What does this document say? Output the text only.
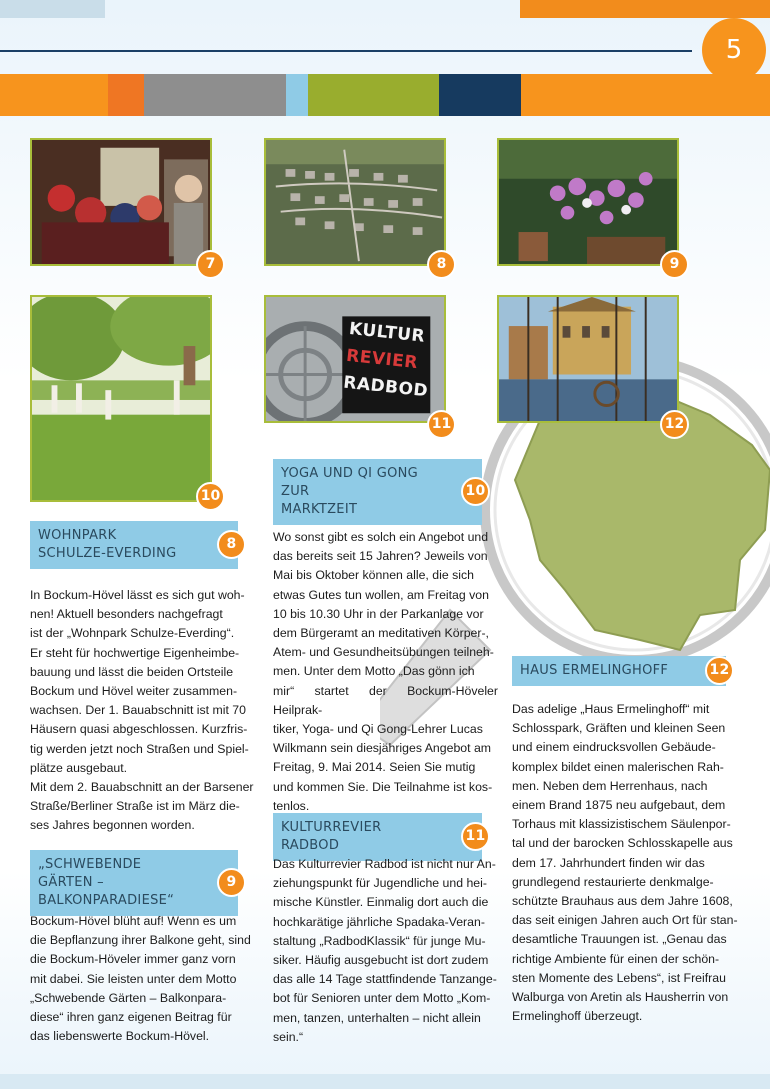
5
7	8	9
10
KULTUR
REVIER
RADBOD
11	12
WOHNPARK
SCHULZE-EVERDING
8

In Bockum-Hövel lässt es sich gut woh-

nen! Aktuell besonders nachgefragt

ist der „Wohnpark Schulze-Everding“.

Er steht für hochwertige Eigenheimbe-

bauung und lässt die beiden Ortsteile

Bockum und Hövel weiter zusammen-

wachsen. Der 1. Bauabschnitt ist mit 70

Häusern quasi abgeschlossen. Kurzfris-

tig werden jetzt noch Straßen und Spiel-

plätze ausgebaut.

Mit dem 2. Bauabschnitt an der Barsener

Straße/Berliner Straße ist im März die-

ses Jahres begonnen worden.

„SCHWEBENDE GÄRTEN –
BALKONPARADIESE“
9

Bockum-Hövel blüht auf! Wenn es um

die Bepflanzung ihrer Balkone geht, sind

die Bockum-Höveler immer ganz vorn

mit dabei. Sie leisten unter dem Motto

„Schwebende Gärten – Balkonpara-

diese“ ihren ganz eigenen Beitrag für

das liebenswerte Bockum-Hövel.

YOGA UND QI GONG ZUR
MARKTZEIT
10

Wo sonst gibt es solch ein Angebot und

das bereits seit 15 Jahren? Jeweils von

Mai bis Oktober können alle, die sich

etwas Gutes tun wollen, am Freitag von

10 bis 10.30 Uhr in der Parkanlage vor

dem Bürgeramt an meditativen Körper-,

Atem- und Gesundheitsübungen teilneh-

men. Unter dem Motto „Das gönn ich

mir“ startet der Bockum-Höveler Heilprak-

tiker, Yoga- und Qi Gong-Lehrer Lucas

Wilkmann sein diesjähriges Angebot am

Freitag, 9. Mai 2014. Seien Sie mutig

und kommen Sie. Die Teilnahme ist kos-

tenlos.

KULTURREVIER RADBOD
11

Das Kulturrevier Radbod ist nicht nur An-

ziehungspunkt für Jugendliche und hei-

mische Künstler. Einmalig dort auch die

hochkarätige jährliche Spadaka-Veran-

staltung „RadbodKlassik“ für junge Mu-

siker. Häufig ausgebucht ist dort zudem

das alle 14 Tage stattfindende Tanzange-

bot für Senioren unter dem Motto „Kom-

men, tanzen, unterhalten – nicht allein

sein.“

HAUS ERMELINGHOFF	12

Das adelige „Haus Ermelinghoff“ mit

Schlosspark, Gräften und kleinen Seen

und einem eindrucksvollen Gebäude-

komplex bildet einen malerischen Rah-

men. Neben dem Herrenhaus, nach

einem Brand 1875 neu aufgebaut, dem

Torhaus mit klassizistischem Säulenpor-

tal und der barocken Schlosskapelle aus

dem 17. Jahrhundert finden wir das

grundlegend restaurierte denkmalge-

schützte Brauhaus aus dem Jahre 1608,

das seit einigen Jahren auch Ort für stan-

desamtliche Trauungen ist. „Genau das

richtige Ambiente für einen der schön-

sten Momente des Lebens“, ist Freifrau

Walburga von Aretin als Hausherrin von

Ermelinghoff überzeugt.
